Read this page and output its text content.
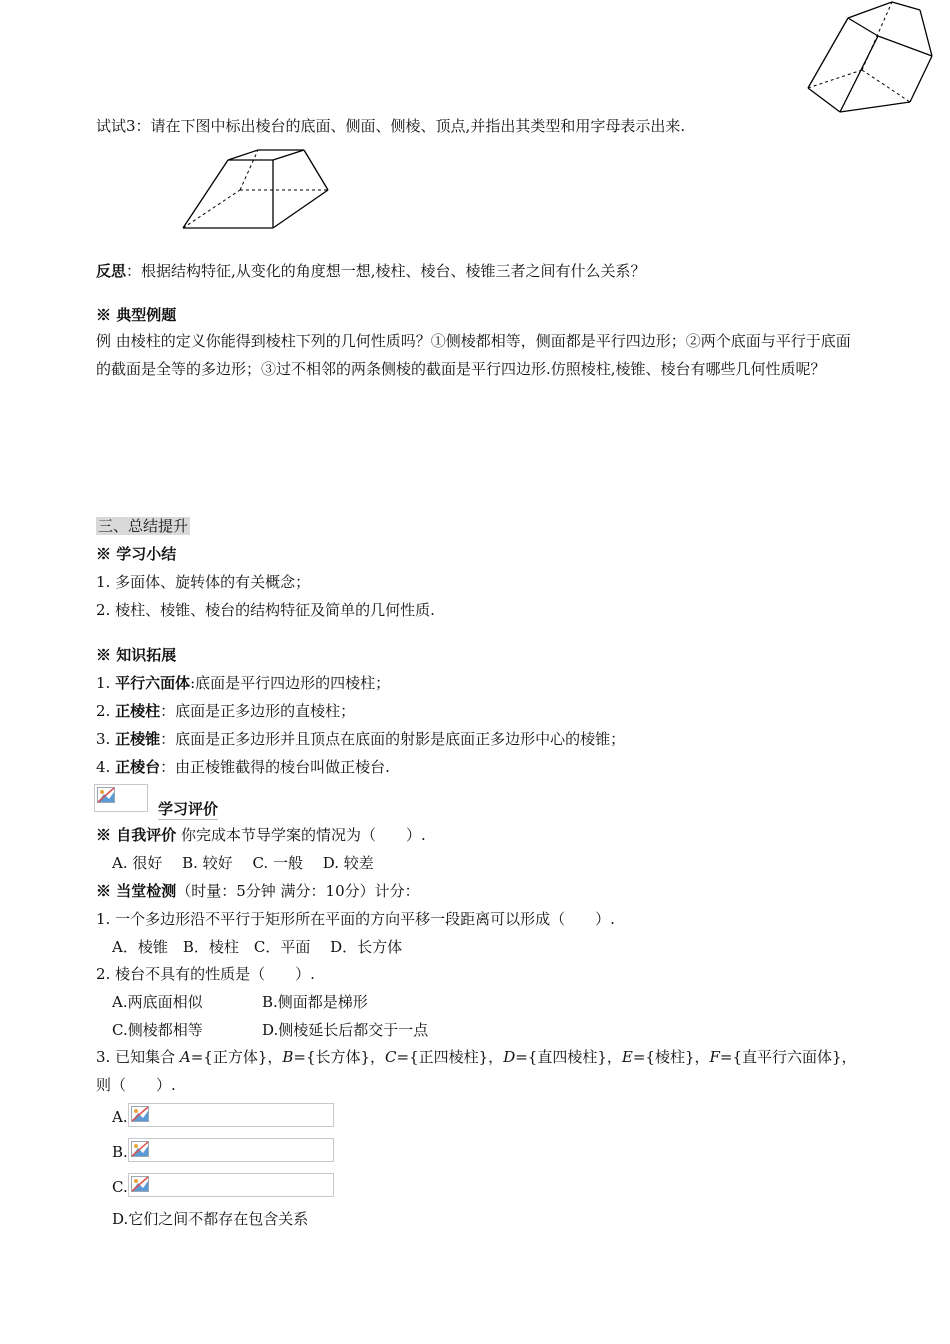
试试3：请在下图中标出棱台的底面、侧面、侧棱、顶点,并指出其类型和用字母表示出来.
反思：根据结构特征,从变化的角度想一想,棱柱、棱台、棱锥三者之间有什么关系？
※ 典型例题
例 由棱柱的定义你能得到棱柱下列的几何性质吗？①侧棱都相等，侧面都是平行四边形；②两个底面与平行于底面的截面是全等的多边形；③过不相邻的两条侧棱的截面是平行四边形.仿照棱柱,棱锥、棱台有哪些几何性质呢？
三、总结提升
※ 学习小结
1. 多面体、旋转体的有关概念；
2. 棱柱、棱锥、棱台的结构特征及简单的几何性质.
※ 知识拓展
1. 平行六面体:底面是平行四边形的四棱柱；
2. 正棱柱：底面是正多边形的直棱柱；
3. 正棱锥：底面是正多边形并且顶点在底面的射影是底面正多边形中心的棱锥；
4. 正棱台：由正棱锥截得的棱台叫做正棱台.
学习评价
※ 自我评价 你完成本节导学案的情况为（　　）.
A. 很好　 B. 较好　 C. 一般　 D. 较差
※ 当堂检测（时量：5分钟 满分：10分）计分：
1. 一个多边形沿不平行于矩形所在平面的方向平移一段距离可以形成（　　）.
A．棱锥　B．棱柱　C．平面　 D．长方体
2. 棱台不具有的性质是（　　）.
A.两底面相似	B.侧面都是梯形
C.侧棱都相等	D.侧棱延长后都交于一点
3. 已知集合 A={正方体}，B={长方体}，C={正四棱柱}，D={直四棱柱}，E={棱柱}，F={直平行六面体}，
则（　　）.
A.
B.
C.
D.它们之间不都存在包含关系
